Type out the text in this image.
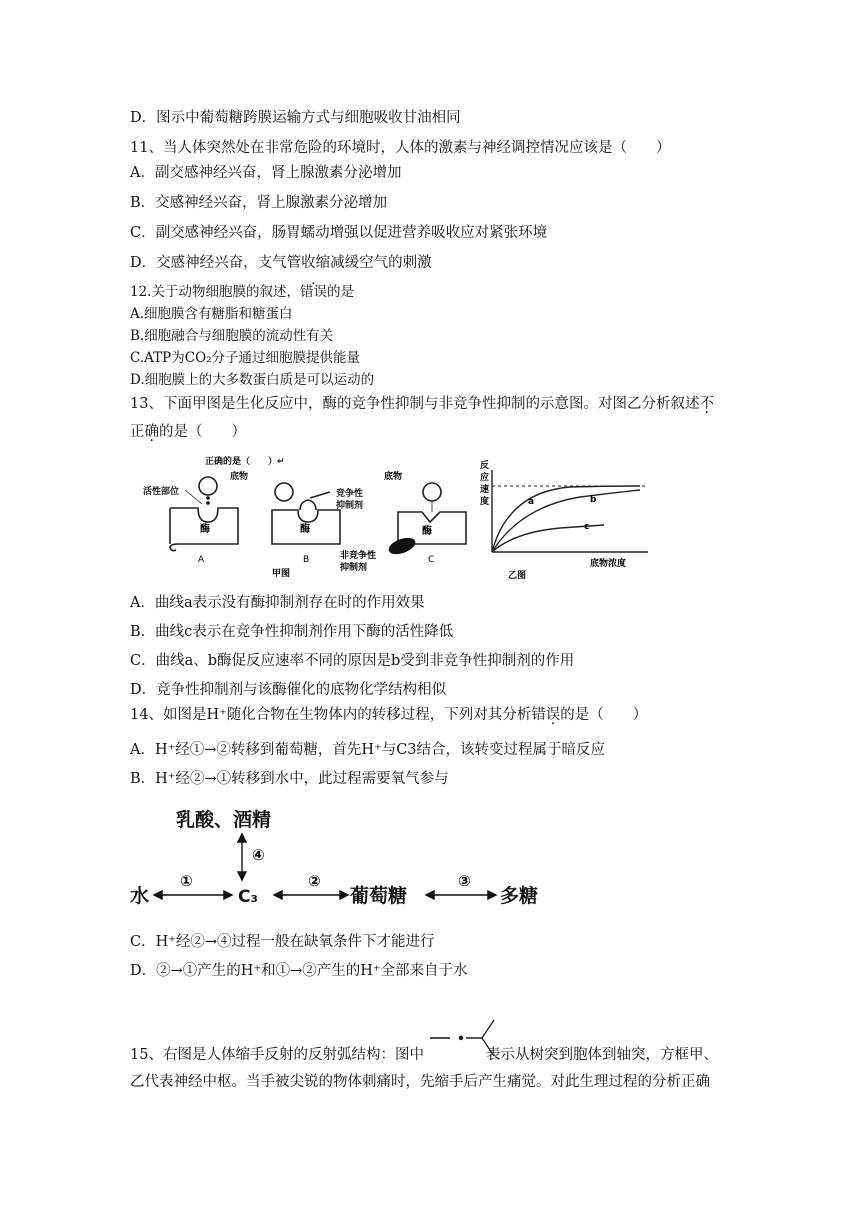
D．图示中葡萄糖跨膜运输方式与细胞吸收甘油相同
11、当人体突然处在非常危险的环境时，人体的激素与神经调控情况应该是（　　）
A．副交感神经兴奋，肾上腺激素分泌增加
B．交感神经兴奋，肾上腺激素分泌增加
C．副交感神经兴奋，肠胃蠕动增强以促进营养吸收应对紧张环境
D．交感神经兴奋，支气管收缩减缓空气的刺激
12.关于动物细胞膜的叙述，错误的是
A.细胞膜含有糖脂和糖蛋白
B.细胞融合与细胞膜的流动性有关
C.ATP为CO₂分子通过细胞膜提供能量
D.细胞膜上的大多数蛋白质是可以运动的
13、下面甲图是生化反应中，酶的竞争性抑制与非竞争性抑制的示意图。对图乙分析叙述不
正确的是（　　）
正确的是（　　）↵
活性部位
底物
竞争性
抑制剂
酶
A
酶
B
酶
C
非竞争性
抑制剂
底物
甲图
反
应
速
度	a	b
c
底物浓度
乙图
A．曲线a表示没有酶抑制剂存在时的作用效果
B．曲线c表示在竞争性抑制剂作用下酶的活性降低
C．曲线a、b酶促反应速率不同的原因是b受到非竞争性抑制剂的作用
D．竞争性抑制剂与该酶催化的底物化学结构相似
14、如图是H⁺随化合物在生物体内的转移过程，下列对其分析错误的是（　　）
A．H⁺经①→②转移到葡萄糖，首先H⁺与C3结合，该转变过程属于暗反应
B．H⁺经②→①转移到水中，此过程需要氧气参与
乳酸、酒精
④
水
①
C₃
②
葡萄糖
③
多糖
C．H⁺经②→④过程一般在缺氧条件下才能进行
D．②→①产生的H⁺和①→②产生的H⁺全部来自于水
15、右图是人体缩手反射的反射弧结构：图中	表示从树突到胞体到轴突，方框甲、
乙代表神经中枢。当手被尖锐的物体刺痛时，先缩手后产生痛觉。对此生理过程的分析正确
